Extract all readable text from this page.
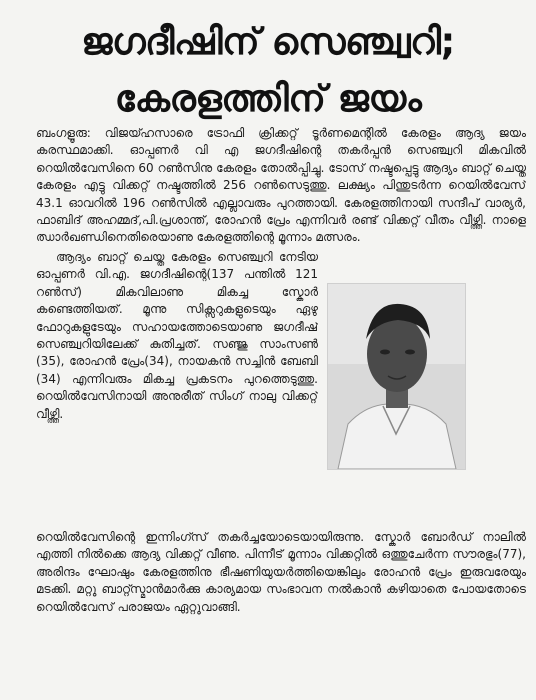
ജഗദീഷിന് സെഞ്ച്വറി;
കേരളത്തിന് ജയം

ബംഗളൂരു: വിജയ്ഹസാരെ ട്രോഫി ക്രിക്കറ്റ് ടൂർണമെന്റിൽ കേരളം ആദ്യ ജയം കരസ്ഥമാക്കി. ഓപ്പണർ വി എ ജഗദീഷിന്റെ തകർപ്പൻ സെഞ്ച്വറി മികവിൽ റെയിൽവേസിനെ 60 റൺസിനു കേരളം തോൽപ്പിച്ചു. ടോസ് നഷ്ടപ്പെട്ടു ആദ്യം ബാറ്റ് ചെയ്ത കേരളം എട്ടു വിക്കറ്റ് നഷ്ടത്തിൽ 256 റൺസെടുത്തു. ലക്ഷ്യം പിന്തുടർന്ന റെയിൽവേസ് 43.1 ഓവറിൽ 196 റൺസിൽ എല്ലാവരും പുറത്തായി. കേരളത്തിനായി സന്ദീപ് വാര്യർ, ഫാബിദ് അഹമ്മദ്,പി.പ്രശാന്ത്, രോഹൻ പ്രേം എന്നിവർ രണ്ട് വിക്കറ്റ് വീതം വീഴ്ത്തി. നാളെ ഝാർഖണ്ഡിനെതിരെയാണു കേരളത്തിന്റെ മൂന്നാം മത്സരം.

ആദ്യം ബാറ്റ് ചെയ്ത കേരളം സെഞ്ച്വറി നേടിയ ഓപ്പണർ വി.എ. ജഗദീഷിന്റെ(137 പന്തിൽ 121 റൺസ്) മികവിലാണു മികച്ച സ്കോർ കണ്ടെത്തിയത്. മൂന്നു സിക്സറുകളുടെയും ഏഴു ഫോറുകളുടേയും സഹായത്തോടെയാണു ജഗദീഷ് സെഞ്ച്വറിയിലേക്ക് കുതിച്ചത്. സഞ്ജു സാംസൺ (35), രോഹൻ പ്രേം(34), നായകൻ സച്ചിൻ ബേബി (34) എന്നിവരും മികച്ച പ്രകടനം പുറത്തെടുത്തു. റെയിൽവേസിനായി അനുരീത് സിംഗ് നാലു വിക്കറ്റ് വീഴ്ത്തി.

റെയിൽവേസിന്റെ ഇന്നിംഗ്സ് തകർച്ചയോടെയായിരുന്നു. സ്കോർ ബോർഡ് നാലിൽ എത്തി നിൽക്കെ ആദ്യ വിക്കറ്റ് വീണു. പിന്നീട് മൂന്നാം വിക്കറ്റിൽ ഒത്തുചേർന്ന സൗരഭും(77), അരിന്ദം ഘോഷും കേരളത്തിനു ഭീഷണിയുയർത്തിയെങ്കിലും രോഹൻ പ്രേം ഇരുവരേയും മടക്കി. മറ്റു ബാറ്റ്സ്മാൻമാർക്കു കാര്യമായ സംഭാവന നൽകാൻ കഴിയാതെ പോയതോടെ റെയിൽവേസ് പരാജയം ഏറ്റുവാങ്ങി.
